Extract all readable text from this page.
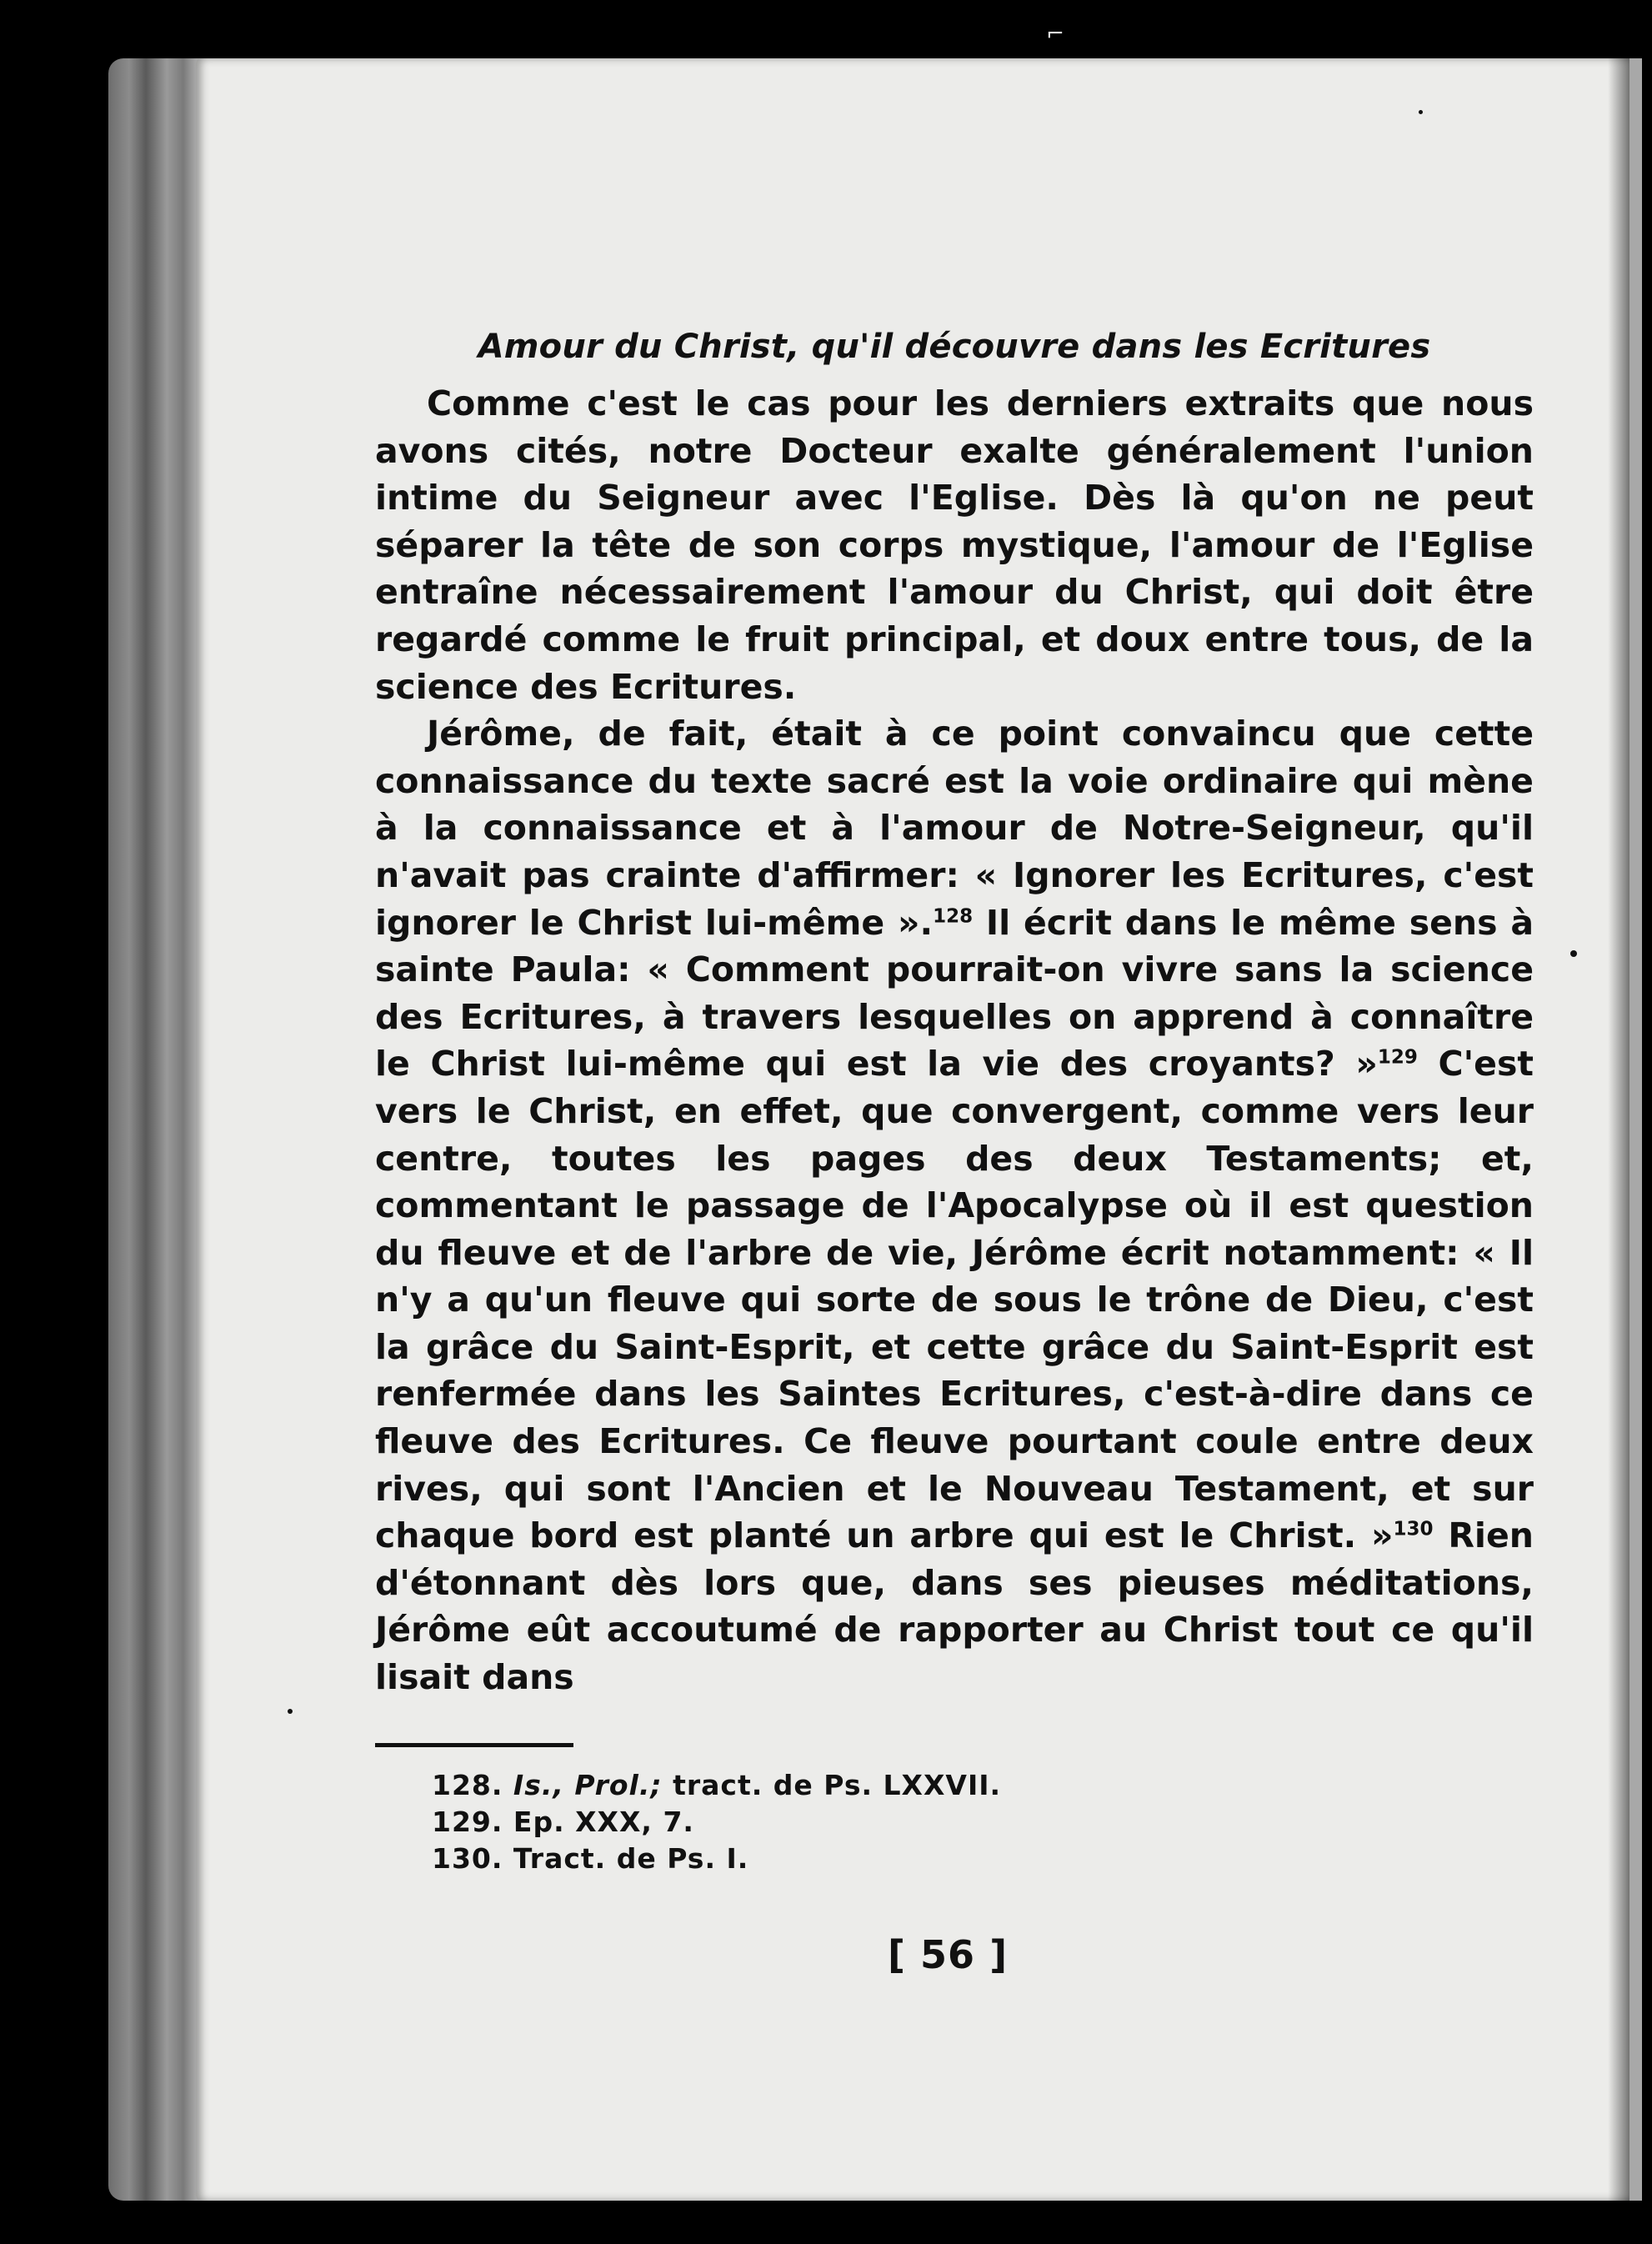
⌐
Amour du Christ, qu'il découvre dans les Ecritures

Comme c'est le cas pour les derniers extraits que nous avons cités, notre Docteur exalte généralement l'union intime du Seigneur avec l'Eglise. Dès là qu'on ne peut séparer la tête de son corps mystique, l'amour de l'Eglise entraîne nécessairement l'amour du Christ, qui doit être regardé comme le fruit principal, et doux entre tous, de la science des Ecritures.

Jérôme, de fait, était à ce point convaincu que cette connaissance du texte sacré est la voie ordinaire qui mène à la connaissance et à l'amour de Notre-Seigneur, qu'il n'avait pas crainte d'affirmer: « Ignorer les Ecritures, c'est ignorer le Christ lui-même ».$^{128}$ Il écrit dans le même sens à sainte Paula: « Comment pourrait-on vivre sans la science des Ecritures, à travers lesquelles on apprend à connaître le Christ lui-même qui est la vie des croyants? »$^{129}$ C'est vers le Christ, en effet, que convergent, comme vers leur centre, toutes les pages des deux Testaments; et, commentant le passage de l'Apocalypse où il est question du fleuve et de l'arbre de vie, Jérôme écrit notamment: « Il n'y a qu'un fleuve qui sorte de sous le trône de Dieu, c'est la grâce du Saint-Esprit, et cette grâce du Saint-Esprit est renfermée dans les Saintes Ecritures, c'est-à-dire dans ce fleuve des Ecritures. Ce fleuve pourtant coule entre deux rives, qui sont l'Ancien et le Nouveau Testament, et sur chaque bord est planté un arbre qui est le Christ. »$^{130}$ Rien d'étonnant dès lors que, dans ses pieuses méditations, Jérôme eût accoutumé de rapporter au Christ tout ce qu'il lisait dans

128. Is., Prol.; tract. de Ps. LXXVII.
129. Ep. XXX, 7.
130. Tract. de Ps. I.
[ 56 ]
